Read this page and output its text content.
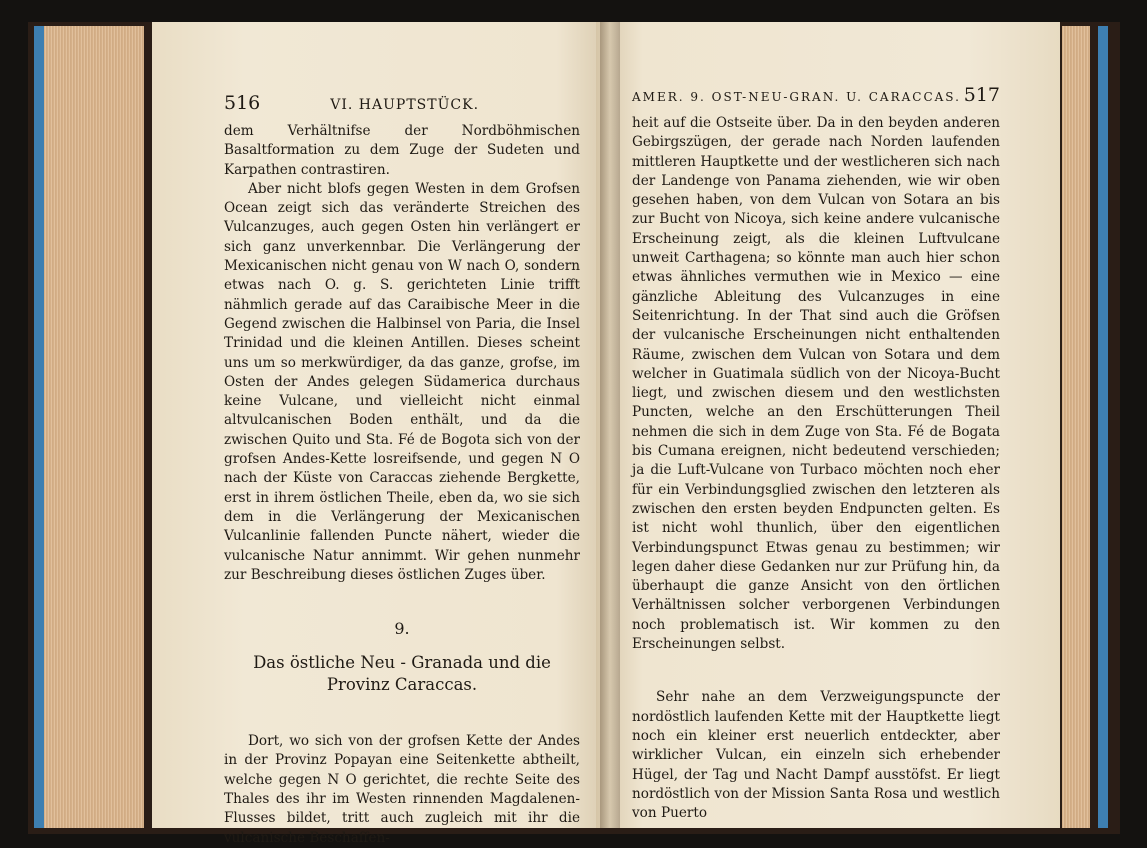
516	VI. HAUPTSTÜCK.

dem Verhältnifse der Nordböhmischen Basaltformation zu dem Zuge der Sudeten und Karpathen contrastiren.

Aber nicht blofs gegen Westen in dem Grofsen Ocean zeigt sich das veränderte Streichen des Vulcanzuges, auch gegen Osten hin verlängert er sich ganz unverkennbar. Die Verlängerung der Mexicanischen nicht genau von W nach O, sondern etwas nach O. g. S. gerichteten Linie trifft nähmlich gerade auf das Caraibische Meer in die Gegend zwischen die Halbinsel von Paria, die Insel Trinidad und die kleinen Antillen. Dieses scheint uns um so merkwürdiger, da das ganze, grofse, im Osten der Andes gelegen Südamerica durchaus keine Vulcane, und vielleicht nicht einmal altvulcanischen Boden enthält, und da die zwischen Quito und Sta. Fé de Bogota sich von der grofsen Andes-Kette losreifsende, und gegen N O nach der Küste von Caraccas ziehende Bergkette, erst in ihrem östlichen Theile, eben da, wo sie sich dem in die Verlängerung der Mexicanischen Vulcanlinie fallenden Puncte nähert, wieder die vulcanische Natur annimmt. Wir gehen nunmehr zur Beschreibung dieses östlichen Zuges über.

9.
Das östliche Neu - Granada und die Provinz Caraccas.

Dort, wo sich von der grofsen Kette der Andes in der Provinz Popayan eine Seitenkette abtheilt, welche gegen N O gerichtet, die rechte Seite des Thales des ihr im Westen rinnenden Magdalenen-Flusses bildet, tritt auch zugleich mit ihr die vulcanische Beschaffen-

AMER. 9. OST-NEU-GRAN. U. CARACCAS. 517

heit auf die Ostseite über. Da in den beyden anderen Gebirgszügen, der gerade nach Norden laufenden mittleren Hauptkette und der westlicheren sich nach der Landenge von Panama ziehenden, wie wir oben gesehen haben, von dem Vulcan von Sotara an bis zur Bucht von Nicoya, sich keine andere vulcanische Erscheinung zeigt, als die kleinen Luftvulcane unweit Carthagena; so könnte man auch hier schon etwas ähnliches vermuthen wie in Mexico — eine gänzliche Ableitung des Vulcanzuges in eine Seitenrichtung. In der That sind auch die Gröfsen der vulcanische Erscheinungen nicht enthaltenden Räume, zwischen dem Vulcan von Sotara und dem welcher in Guatimala südlich von der Nicoya-Bucht liegt, und zwischen diesem und den westlichsten Puncten, welche an den Erschütterungen Theil nehmen die sich in dem Zuge von Sta. Fé de Bogata bis Cumana ereignen, nicht bedeutend verschieden; ja die Luft-Vulcane von Turbaco möchten noch eher für ein Verbindungsglied zwischen den letzteren als zwischen den ersten beyden Endpuncten gelten. Es ist nicht wohl thunlich, über den eigentlichen Verbindungspunct Etwas genau zu bestimmen; wir legen daher diese Gedanken nur zur Prüfung hin, da überhaupt die ganze Ansicht von den örtlichen Verhältnissen solcher verborgenen Verbindungen noch problematisch ist. Wir kommen zu den Erscheinungen selbst.

Sehr nahe an dem Verzweigungspuncte der nordöstlich laufenden Kette mit der Hauptkette liegt noch ein kleiner erst neuerlich entdeckter, aber wirklicher Vulcan, ein einzeln sich erhebender Hügel, der Tag und Nacht Dampf ausstöfst. Er liegt nordöstlich von der Mission Santa Rosa und westlich von Puerto
